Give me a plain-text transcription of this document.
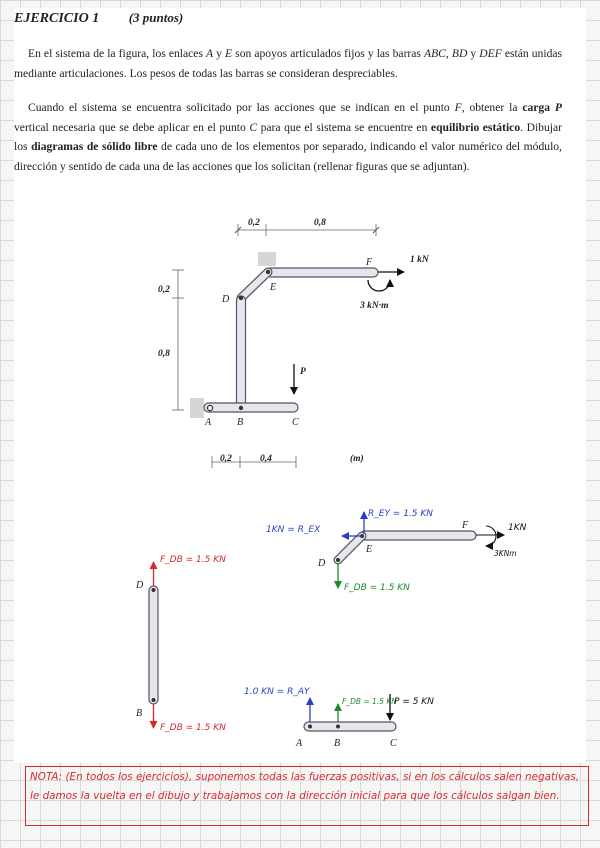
EJERCICIO 1 (3 puntos)

En el sistema de la figura, los enlaces A y E son apoyos articulados fijos y las barras ABC, BD y DEF están unidas mediante articulaciones. Los pesos de todas las barras se consideran despreciables.

Cuando el sistema se encuentra solicitado por las acciones que se indican en el punto F, obtener la carga P vertical necesaria que se debe aplicar en el punto C para que el sistema se encuentre en equilibrio estático. Dibujar los diagramas de sólido libre de cada uno de los elementos por separado, indicando el valor numérico del módulo, dirección y sentido de cada una de las acciones que los solicitan (rellenar figuras que se adjuntan).

0,2	0,8
0,2
0,8
0,2	0,4	(m)
D
E
F
A	B	C
1 kN
3 kN·m
P
D
E
F
R_EY = 1.5 KN
1KN = R_EX
F_DB = 1.5 KN
1KN
3KNm
D
B
F_DB = 1.5 KN
F_DB = 1.5 KN
A	B	C
1.0 KN = R_AY
F_DB = 1.5 KN
P = 5 KN
NOTA: (En todos los ejercicios), suponemos todas las fuerzas positivas, si en los cálculos salen negativas, le damos la vuelta en el dibujo y trabajamos con la dirección inicial para que los cálculos salgan bien.
